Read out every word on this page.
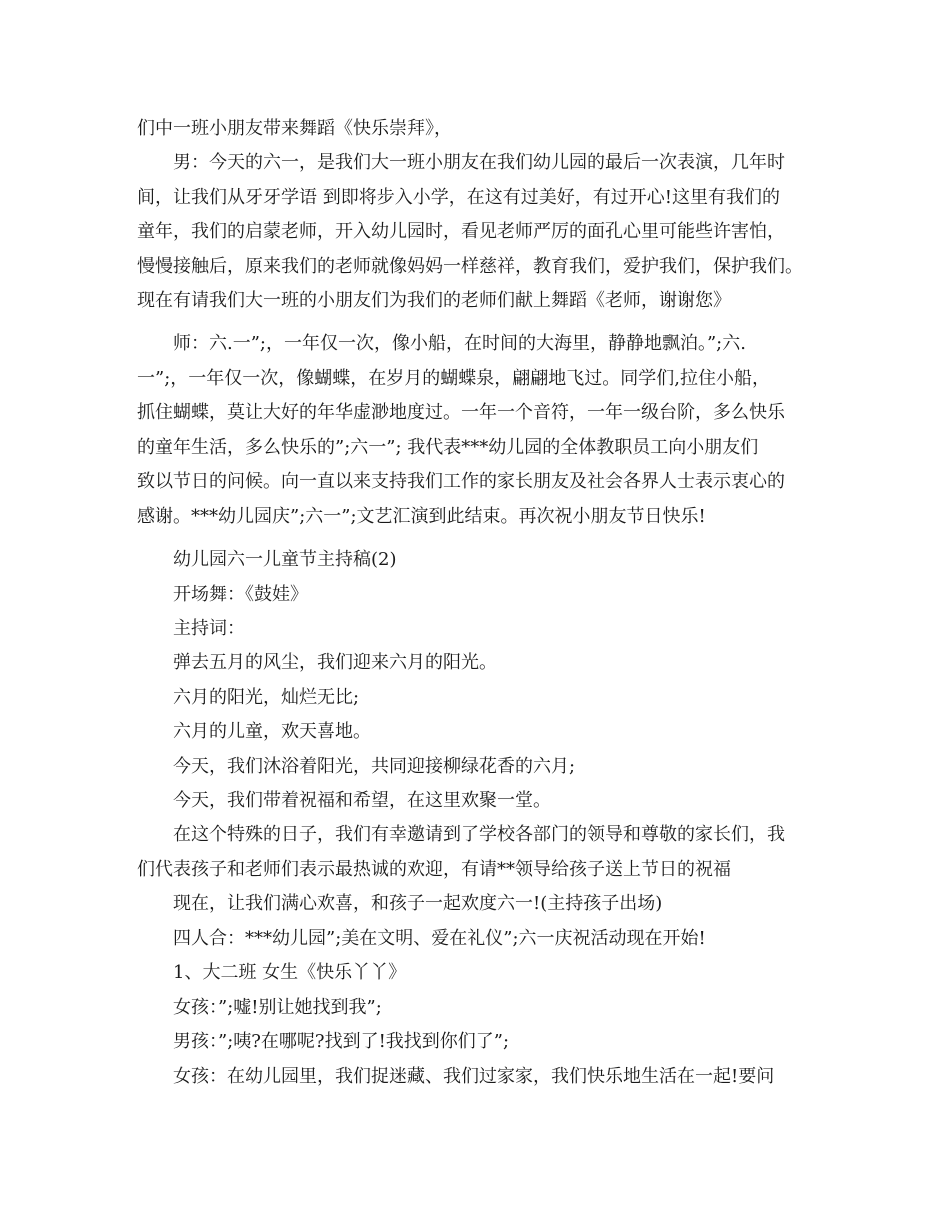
们中一班小朋友带来舞蹈《快乐崇拜》，
　　男：今天的六一，是我们大一班小朋友在我们幼儿园的最后一次表演，几年时
间，让我们从牙牙学语 到即将步入小学，在这有过美好，有过开心!这里有我们的
童年，我们的启蒙老师，开入幼儿园时，看见老师严厉的面孔心里可能些许害怕，
慢慢接触后，原来我们的老师就像妈妈一样慈祥，教育我们，爱护我们，保护我们。
现在有请我们大一班的小朋友们为我们的老师们献上舞蹈《老师，谢谢您》
　　师：六.一”;，一年仅一次，像小船，在时间的大海里，静静地飘泊。”;六.
一”;，一年仅一次，像蝴蝶，在岁月的蝴蝶泉，翩翩地飞过。同学们,拉住小船，
抓住蝴蝶，莫让大好的年华虚渺地度过。一年一个音符，一年一级台阶，多么快乐
的童年生活，多么快乐的”;六一”; 我代表***幼儿园的全体教职员工向小朋友们
致以节日的问候。向一直以来支持我们工作的家长朋友及社会各界人士表示衷心的
感谢。***幼儿园庆”;六一”;文艺汇演到此结束。再次祝小朋友节日快乐!
　　幼儿园六一儿童节主持稿(2)
　　开场舞：《鼓娃》
　　主持词：
　　弹去五月的风尘，我们迎来六月的阳光。
　　六月的阳光，灿烂无比;
　　六月的儿童，欢天喜地。
　　今天，我们沐浴着阳光，共同迎接柳绿花香的六月;
　　今天，我们带着祝福和希望，在这里欢聚一堂。
　　在这个特殊的日子，我们有幸邀请到了学校各部门的领导和尊敬的家长们，我
们代表孩子和老师们表示最热诚的欢迎，有请**领导给孩子送上节日的祝福
　　现在，让我们满心欢喜，和孩子一起欢度六一!(主持孩子出场)
　　四人合：***幼儿园”;美在文明、爱在礼仪”;六一庆祝活动现在开始!
　　1、大二班 女生《快乐丫丫》
　　女孩：”;嘘!别让她找到我”;
　　男孩：”;咦?在哪呢?找到了!我找到你们了”;
　　女孩：在幼儿园里，我们捉迷藏、我们过家家，我们快乐地生活在一起!要问
